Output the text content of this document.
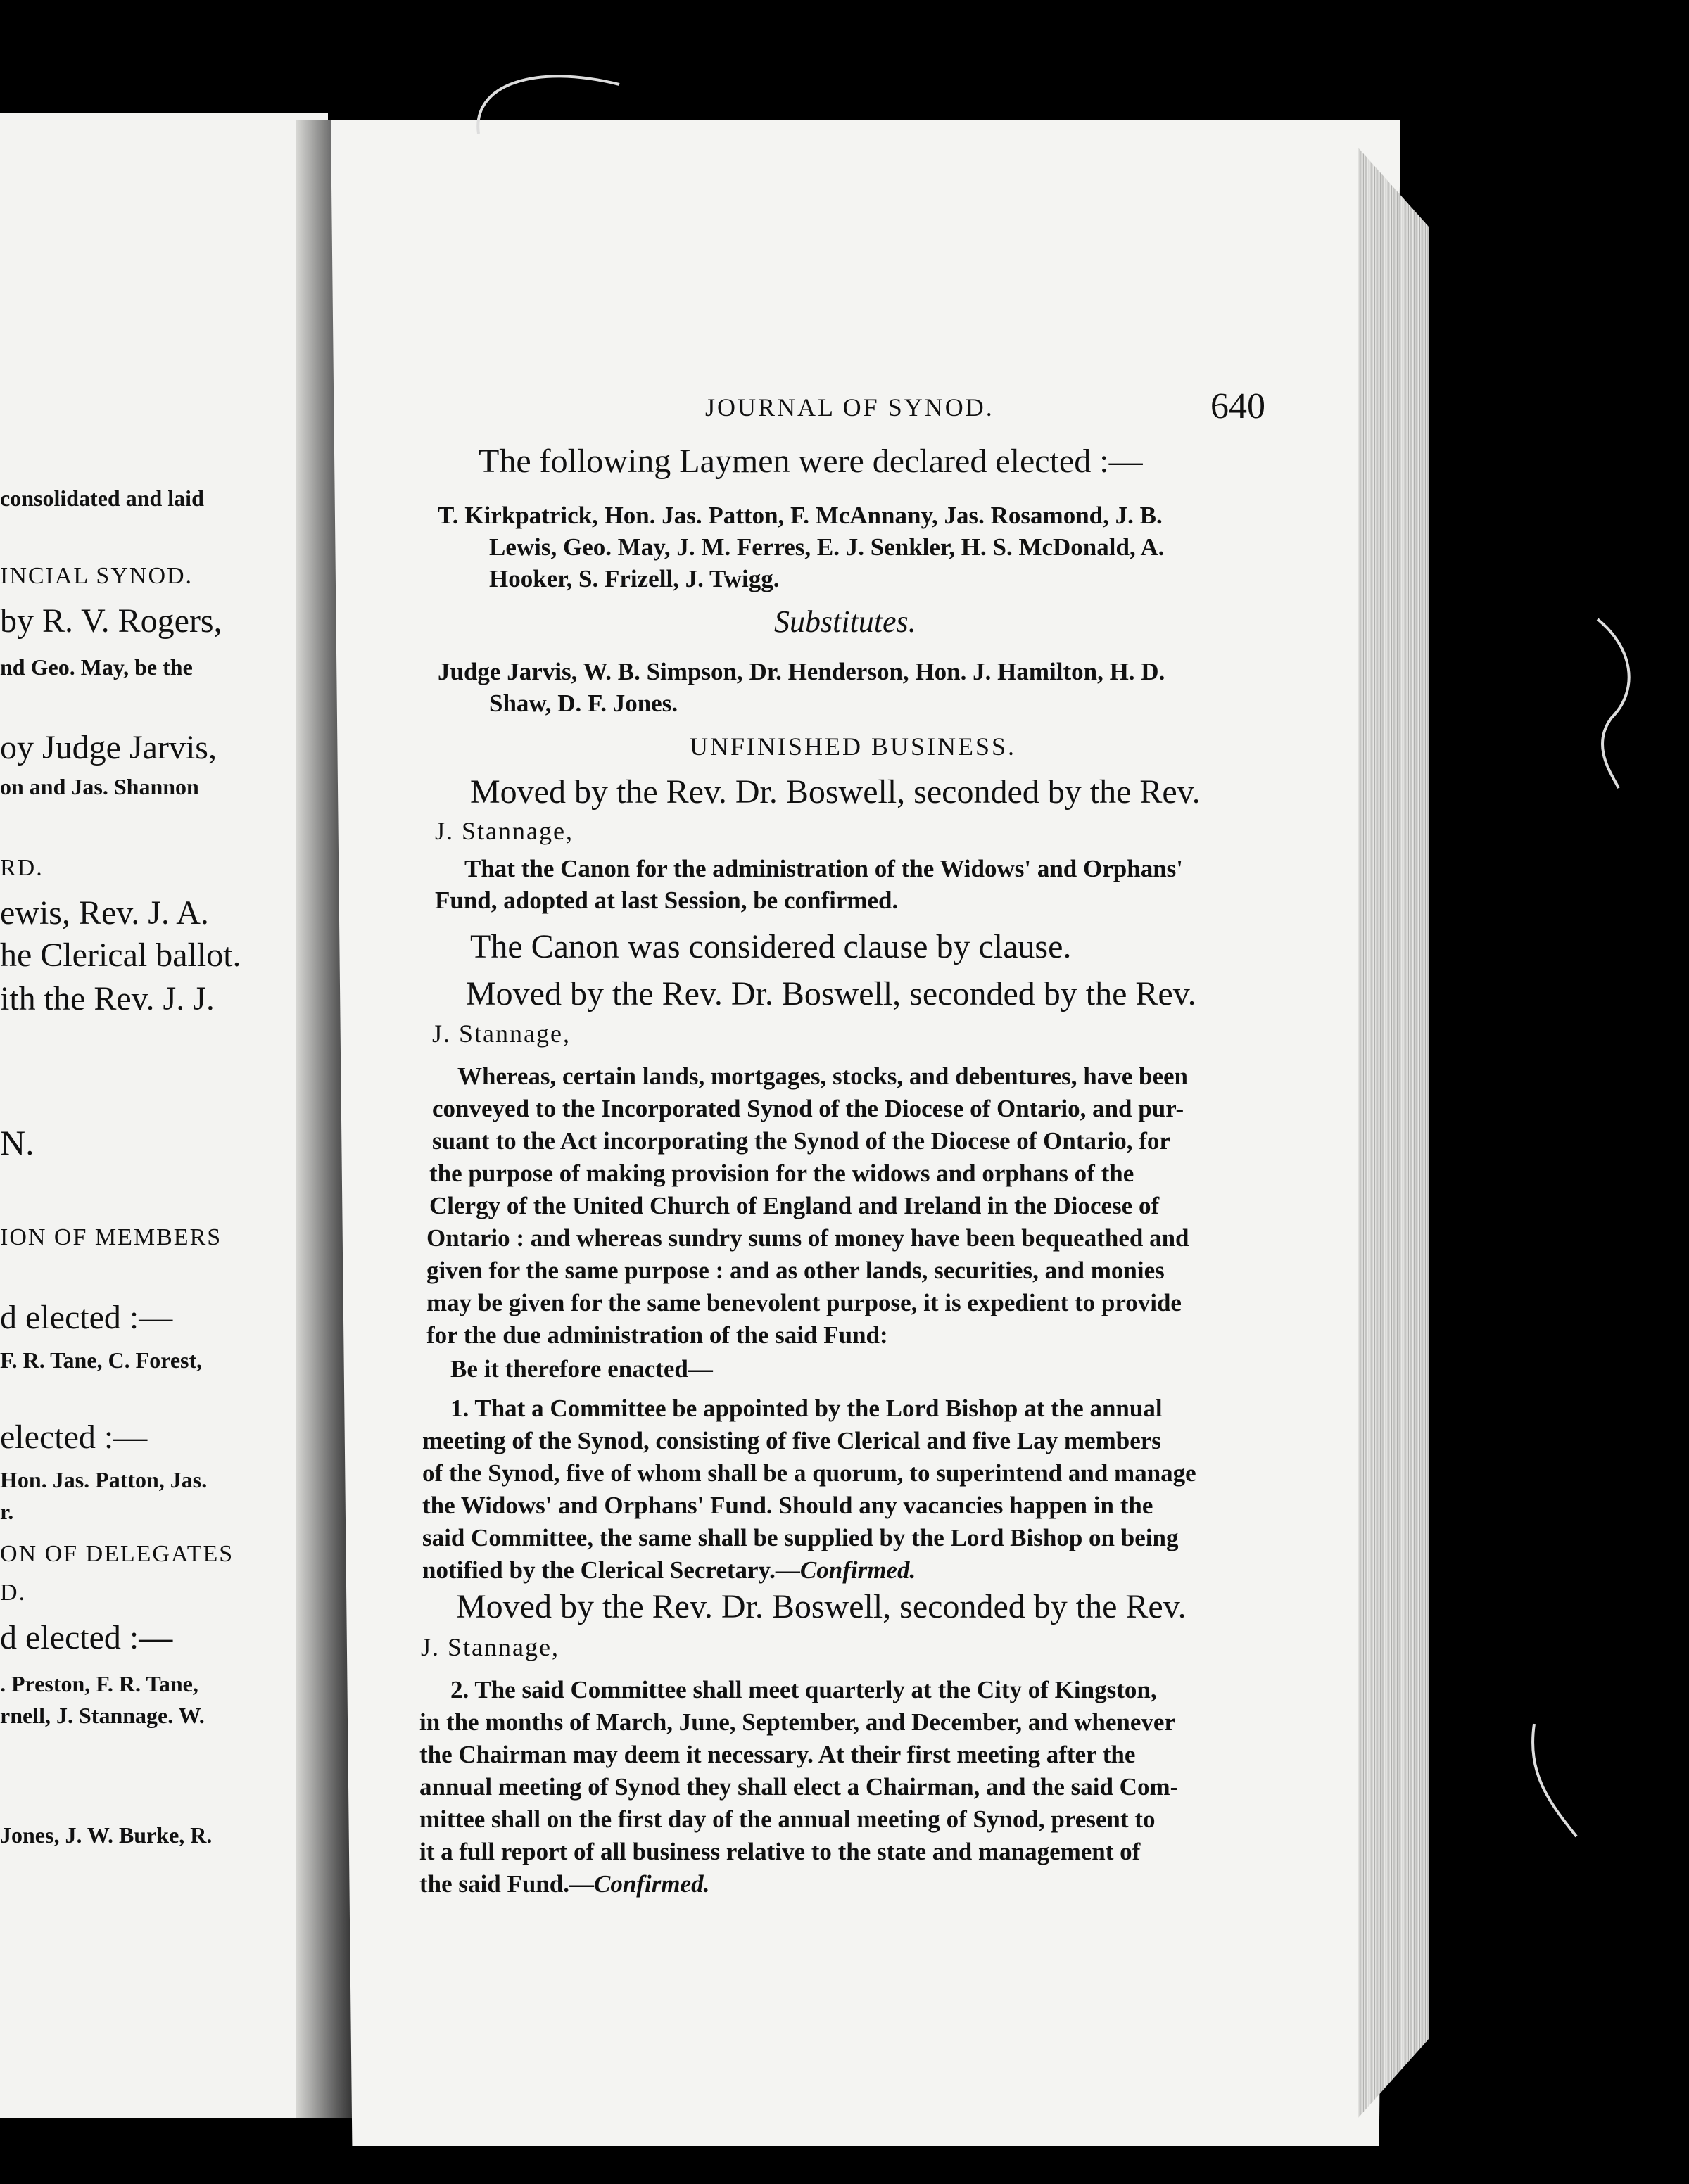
consolidated and laid

INCIAL SYNOD.

by R. V. Rogers,

nd Geo. May, be the

oy Judge Jarvis,

on and Jas. Shannon

RD.

ewis, Rev. J. A.

he Clerical ballot.

ith the Rev. J. J.

N.

ION OF MEMBERS

d elected :—

F. R. Tane, C. Forest,

elected :—

Hon. Jas. Patton, Jas.

r.

ON OF DELEGATES

D.

d elected :—

. Preston, F. R. Tane,

rnell, J. Stannage. W.

Jones, J. W. Burke, R.

JOURNAL OF SYNOD.	640

The following Laymen were declared elected :—

T. Kirkpatrick, Hon. Jas. Patton, F. McAnnany, Jas. Rosamond, J. B.

Lewis, Geo. May, J. M. Ferres, E. J. Senkler, H. S. McDonald, A.

Hooker, S. Frizell, J. Twigg.

Substitutes.

Judge Jarvis, W. B. Simpson, Dr. Henderson, Hon. J. Hamilton, H. D.

Shaw, D. F. Jones.

UNFINISHED BUSINESS.

Moved by the Rev. Dr. Boswell, seconded by the Rev.

J. Stannage,

That the Canon for the administration of the Widows' and Orphans'

Fund, adopted at last Session, be confirmed.

The Canon was considered clause by clause.

Moved by the Rev. Dr. Boswell, seconded by the Rev.

J. Stannage,

Whereas, certain lands, mortgages, stocks, and debentures, have been

conveyed to the Incorporated Synod of the Diocese of Ontario, and pur-

suant to the Act incorporating the Synod of the Diocese of Ontario, for

the purpose of making provision for the widows and orphans of the

Clergy of the United Church of England and Ireland in the Diocese of

Ontario : and whereas sundry sums of money have been bequeathed and

given for the same purpose : and as other lands, securities, and monies

may be given for the same benevolent purpose, it is expedient to provide

for the due administration of the said Fund:

Be it therefore enacted—

1. That a Committee be appointed by the Lord Bishop at the annual

meeting of the Synod, consisting of five Clerical and five Lay members

of the Synod, five of whom shall be a quorum, to superintend and manage

the Widows' and Orphans' Fund. Should any vacancies happen in the

said Committee, the same shall be supplied by the Lord Bishop on being

notified by the Clerical Secretary.—Confirmed.

Moved by the Rev. Dr. Boswell, seconded by the Rev.

J. Stannage,

2. The said Committee shall meet quarterly at the City of Kingston,

in the months of March, June, September, and December, and whenever

the Chairman may deem it necessary. At their first meeting after the

annual meeting of Synod they shall elect a Chairman, and the said Com-

mittee shall on the first day of the annual meeting of Synod, present to

it a full report of all business relative to the state and management of

the said Fund.—Confirmed.
